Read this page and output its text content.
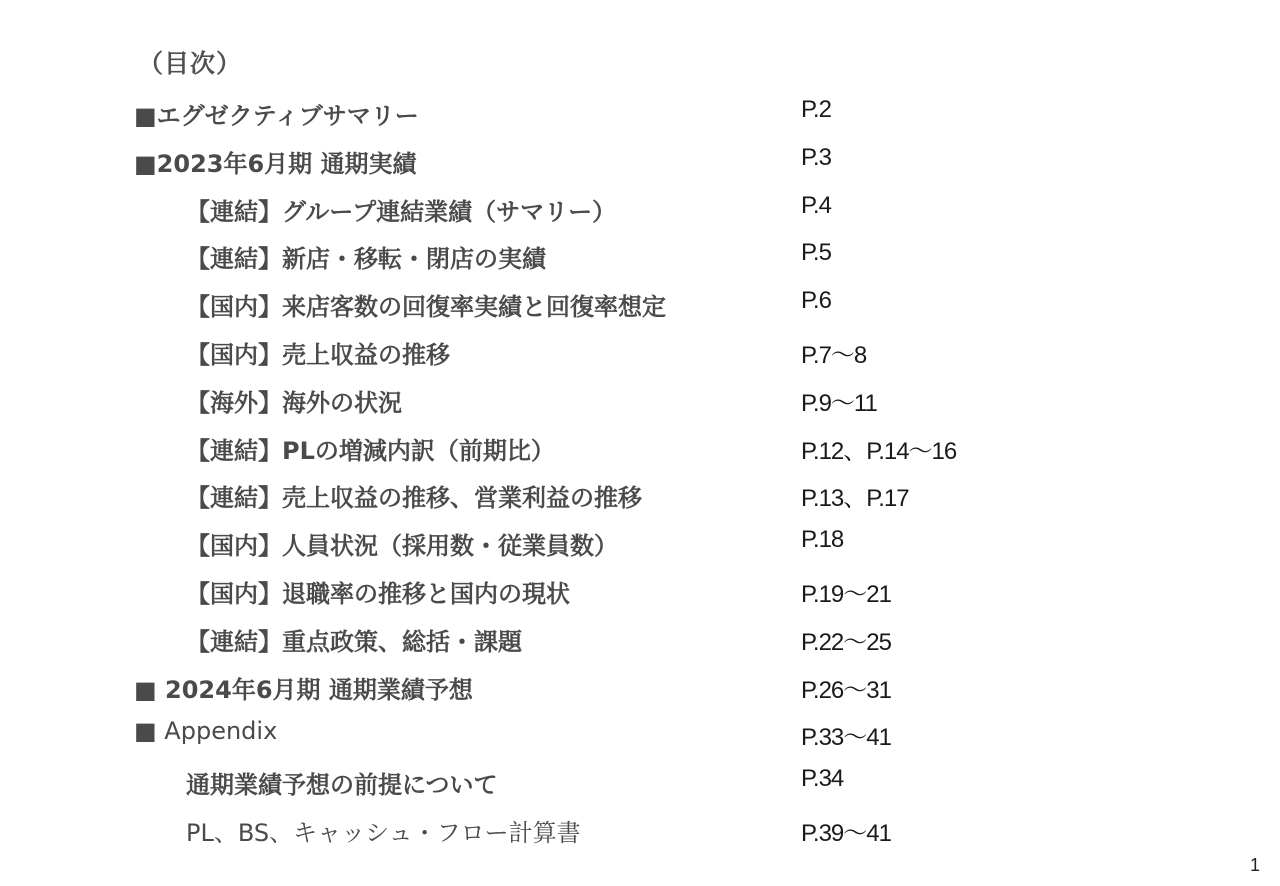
（目次）
■エグゼクティブサマリー	P.2
■2023年6月期 通期実績	P.3
【連結】グループ連結業績（サマリー）	P.4
【連結】新店・移転・閉店の実績	P.5
【国内】来店客数の回復率実績と回復率想定	P.6
【国内】売上収益の推移	P.7〜8
【海外】海外の状況	P.9〜11
【連結】PLの増減内訳（前期比）	P.12、P.14〜16
【連結】売上収益の推移、営業利益の推移	P.13、P.17
【国内】人員状況（採用数・従業員数）	P.18
【国内】退職率の推移と国内の現状	P.19〜21
【連結】重点政策、総括・課題	P.22〜25
■ 2024年6月期 通期業績予想	P.26〜31
■ Appendix	P.33〜41
通期業績予想の前提について	P.34
PL、BS、キャッシュ・フロー計算書	P.39〜41
1
